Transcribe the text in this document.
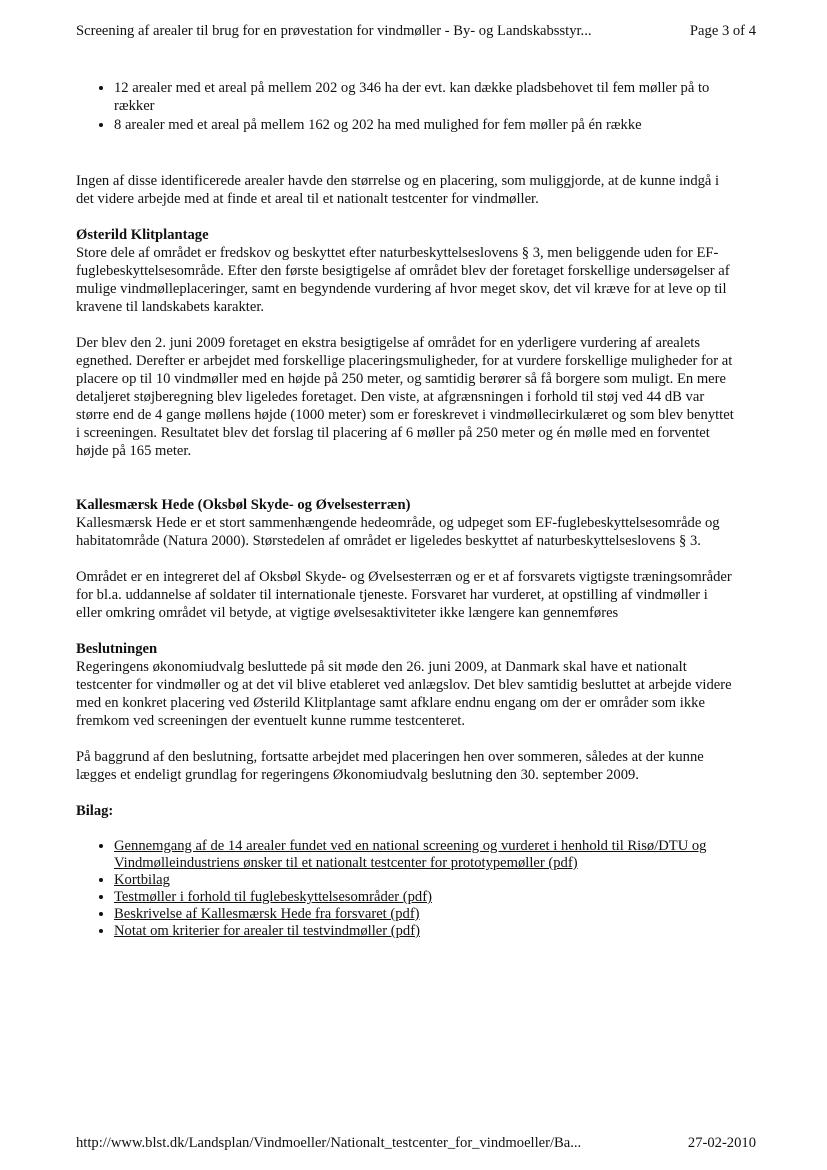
Screening af arealer til brug for en prøvestation for vindmøller - By- og Landskabsstyr...	Page 3 of 4
• 12 arealer med et areal på mellem 202 og 346 ha der evt. kan dække pladsbehovet til fem møller på to rækker
• 8 arealer med et areal på mellem 162 og 202 ha med mulighed for fem møller på én række

Ingen af disse identificerede arealer havde den størrelse og en placering, som muliggjorde, at de kunne indgå i det videre arbejde med at finde et areal til et nationalt testcenter for vindmøller.

Østerild Klitplantage

Store dele af området er fredskov og beskyttet efter naturbeskyttelseslovens § 3, men beliggende uden for EF-fuglebeskyttelsesområde. Efter den første besigtigelse af området blev der foretaget forskellige undersøgelser af mulige vindmølleplaceringer, samt en begyndende vurdering af hvor meget skov, det vil kræve for at leve op til kravene til landskabets karakter.

Der blev den 2. juni 2009 foretaget en ekstra besigtigelse af området for en yderligere vurdering af arealets egnethed. Derefter er arbejdet med forskellige placeringsmuligheder, for at vurdere forskellige muligheder for at placere op til 10 vindmøller med en højde på 250 meter, og samtidig berører så få borgere som muligt. En mere detaljeret støjberegning blev ligeledes foretaget. Den viste, at afgrænsningen i forhold til støj ved 44 dB var større end de 4 gange møllens højde (1000 meter) som er foreskrevet i vindmøllecirkulæret og som blev benyttet i screeningen. Resultatet blev det forslag til placering af 6 møller på 250 meter og én mølle med en forventet højde på 165 meter.

Kallesmærsk Hede (Oksbøl Skyde- og Øvelsesterræn)

Kallesmærsk Hede er et stort sammenhængende hedeområde, og udpeget som EF-fuglebeskyttelsesområde og habitatområde (Natura 2000). Størstedelen af området er ligeledes beskyttet af naturbeskyttelseslovens § 3.

Området er en integreret del af Oksbøl Skyde- og Øvelsesterræn og er et af forsvarets vigtigste træningsområder for bl.a. uddannelse af soldater til internationale tjeneste. Forsvaret har vurderet, at opstilling af vindmøller i eller omkring området vil betyde, at vigtige øvelsesaktiviteter ikke længere kan gennemføres

Beslutningen

Regeringens økonomiudvalg besluttede på sit møde den 26. juni 2009, at Danmark skal have et nationalt testcenter for vindmøller og at det vil blive etableret ved anlægslov. Det blev samtidig besluttet at arbejde videre med en konkret placering ved Østerild Klitplantage samt afklare endnu engang om der er områder som ikke fremkom ved screeningen der eventuelt kunne rumme testcenteret.

På baggrund af den beslutning, fortsatte arbejdet med placeringen hen over sommeren, således at der kunne lægges et endeligt grundlag for regeringens Økonomiudvalg beslutning den 30. september 2009.

Bilag:
• Gennemgang af de 14 arealer fundet ved en national screening og vurderet i henhold til Risø/DTU og Vindmølleindustriens ønsker til et nationalt testcenter for prototypemøller (pdf)
• Kortbilag
• Testmøller i forhold til fuglebeskyttelsesområder (pdf)
• Beskrivelse af Kallesmærsk Hede fra forsvaret (pdf)
• Notat om kriterier for arealer til testvindmøller (pdf)
http://www.blst.dk/Landsplan/Vindmoeller/Nationalt_testcenter_for_vindmoeller/Ba...	27-02-2010
